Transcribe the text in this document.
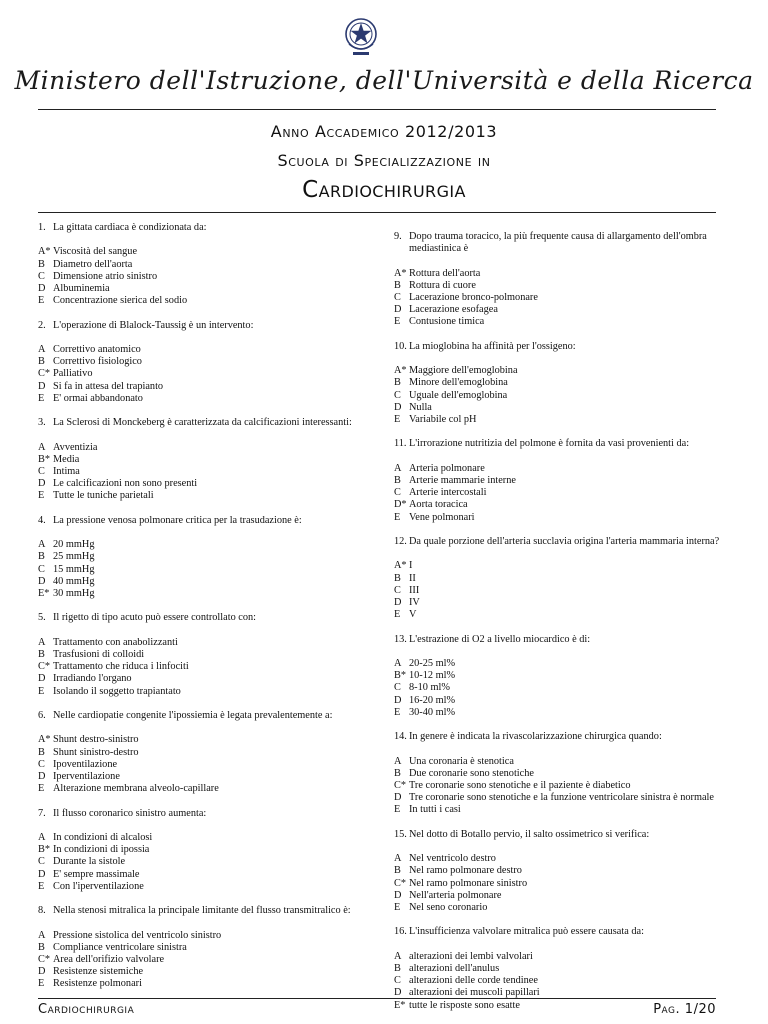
Ministero dell'Istruzione, dell'Università e della Ricerca
Anno Accademico 2012/2013
Scuola di Specializzazione in
Cardiochirurgia
1. La gittata cardiaca è condizionata da:
A* Viscosità del sangue
B Diametro dell'aorta
C Dimensione atrio sinistro
D Albuminemia
E Concentrazione sierica del sodio
2. L'operazione di Blalock-Taussig è un intervento:
A Correttivo anatomico
B Correttivo fisiologico
C* Palliativo
D Si fa in attesa del trapianto
E E' ormai abbandonato
3. La Sclerosi di Monckeberg è caratterizzata da calcificazioni interessanti:
A Avventizia
B* Media
C Intima
D Le calcificazioni non sono presenti
E Tutte le tuniche parietali
4. La pressione venosa polmonare critica per la trasudazione è:
A 20 mmHg
B 25 mmHg
C 15 mmHg
D 40 mmHg
E* 30 mmHg
5. Il rigetto di tipo acuto può essere controllato con:
A Trattamento con anabolizzanti
B Trasfusioni di colloidi
C* Trattamento che riduca i linfociti
D Irradiando l'organo
E Isolando il soggetto trapiantato
6. Nelle cardiopatie congenite l'ipossiemia è legata prevalentemente a:
A* Shunt destro-sinistro
B Shunt sinistro-destro
C Ipoventilazione
D Iperventilazione
E Alterazione membrana alveolo-capillare
7. Il flusso coronarico sinistro aumenta:
A In condizioni di alcalosi
B* In condizioni di ipossia
C Durante la sistole
D E' sempre massimale
E Con l'iperventilazione
8. Nella stenosi mitralica la principale limitante del flusso transmitralico è:
A Pressione sistolica del ventricolo sinistro
B Compliance ventricolare sinistra
C* Area dell'orifizio valvolare
D Resistenze sistemiche
E Resistenze polmonari
9. Dopo trauma toracico, la più frequente causa di allargamento dell'ombra mediastinica è
A* Rottura dell'aorta
B Rottura di cuore
C Lacerazione bronco-polmonare
D Lacerazione esofagea
E Contusione timica
10. La mioglobina ha affinità per l'ossigeno:
A* Maggiore dell'emoglobina
B Minore dell'emoglobina
C Uguale dell'emoglobina
D Nulla
E Variabile col pH
11. L'irrorazione nutritizia del polmone è fornita da vasi provenienti da:
A Arteria polmonare
B Arterie mammarie interne
C Arterie intercostali
D* Aorta toracica
E Vene polmonari
12. Da quale porzione dell'arteria succlavia origina l'arteria mammaria interna?
A* I
B II
C III
D IV
E V
13. L'estrazione di O2 a livello miocardico è di:
A 20-25 ml%
B* 10-12 ml%
C 8-10 ml%
D 16-20 ml%
E 30-40 ml%
14. In genere è indicata la rivascolarizzazione chirurgica quando:
A Una coronaria è stenotica
B Due coronarie sono stenotiche
C* Tre coronarie sono stenotiche e il paziente è diabetico
D Tre coronarie sono stenotiche e la funzione ventricolare sinistra è normale
E In tutti i casi
15. Nel dotto di Botallo pervio, il salto ossimetrico si verifica:
A Nel ventricolo destro
B Nel ramo polmonare destro
C* Nel ramo polmonare sinistro
D Nell'arteria polmonare
E Nel seno coronario
16. L'insufficienza valvolare mitralica può essere causata da:
A alterazioni dei lembi valvolari
B alterazioni dell'anulus
C alterazioni delle corde tendinee
D alterazioni dei muscoli papillari
E* tutte le risposte sono esatte
Cardiochirurgia	Pag. 1/20
